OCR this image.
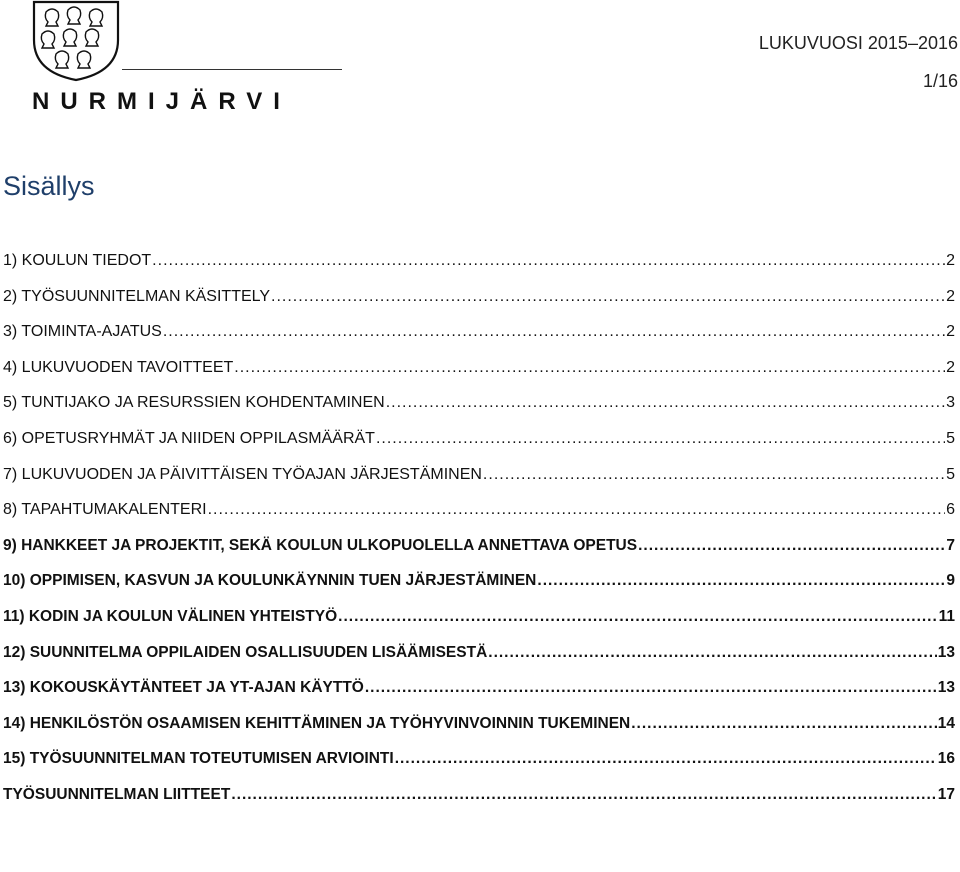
NURMIJÄRVI
LUKUVUOSI 2015–2016
1/16
Sisällys
1) KOULUN TIEDOT .....	2
2) TYÖSUUNNITELMAN KÄSITTELY .....	2
3) TOIMINTA-AJATUS .....	2
4) LUKUVUODEN TAVOITTEET .....	2
5) TUNTIJAKO JA RESURSSIEN KOHDENTAMINEN .....	3
6) OPETUSRYHMÄT JA NIIDEN OPPILASMÄÄRÄT .....	5
7) LUKUVUODEN JA PÄIVITTÄISEN TYÖAJAN JÄRJESTÄMINEN .....	5
8) TAPAHTUMAKALENTERI .....	6
9) HANKKEET JA PROJEKTIT, SEKÄ KOULUN ULKOPUOLELLA ANNETTAVA OPETUS .....	7
10) OPPIMISEN, KASVUN JA KOULUNKÄYNNIN TUEN JÄRJESTÄMINEN .....	9
11) KODIN JA KOULUN VÄLINEN YHTEISTYÖ .....	11
12) SUUNNITELMA OPPILAIDEN OSALLISUUDEN LISÄÄMISESTÄ .....	13
13) KOKOUSKÄYTÄNTEET JA YT-AJAN KÄYTTÖ .....	13
14) HENKILÖSTÖN OSAAMISEN KEHITTÄMINEN JA TYÖHYVINVOINNIN TUKEMINEN .....	14
15) TYÖSUUNNITELMAN TOTEUTUMISEN ARVIOINTI .....	16
TYÖSUUNNITELMAN LIITTEET .....	17
